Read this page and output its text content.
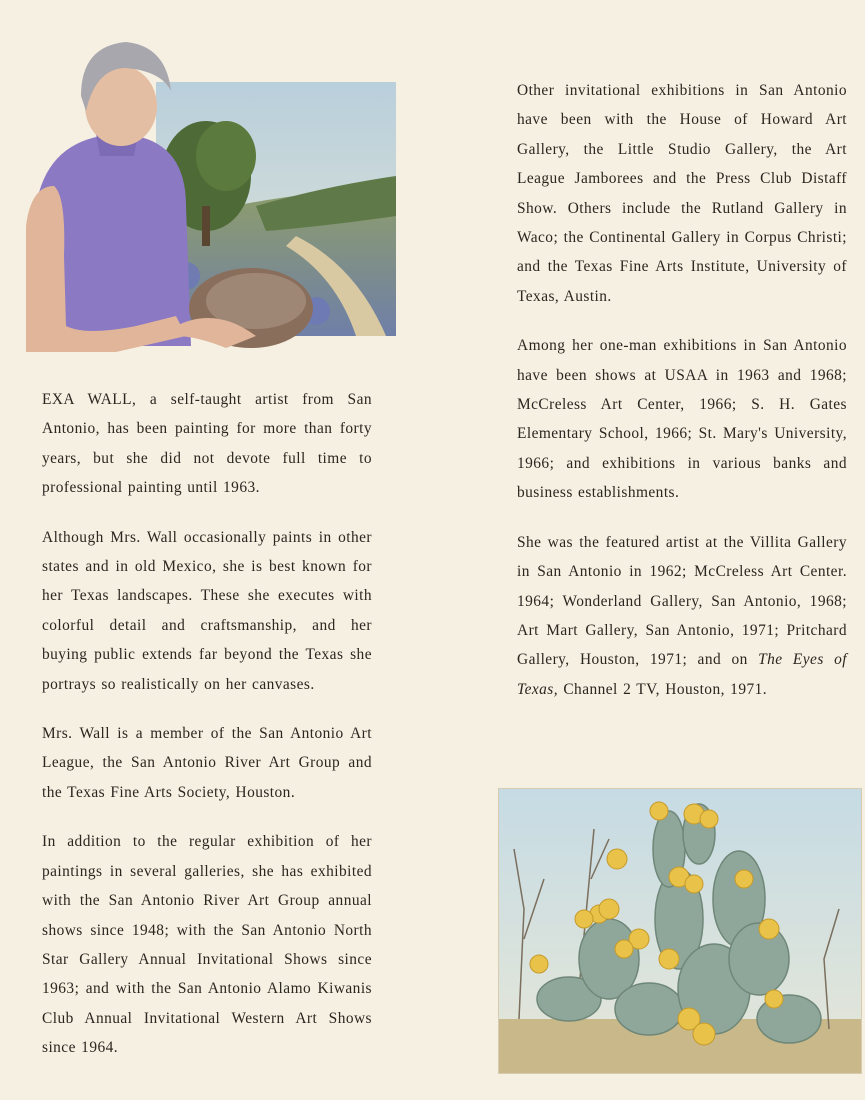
EXA WALL, a self-taught artist from San Antonio, has been painting for more than forty years, but she did not devote full time to professional painting until 1963.

Although Mrs. Wall occasionally paints in other states and in old Mexico, she is best known for her Texas landscapes. These she executes with colorful detail and craftsmanship, and her buying public extends far beyond the Texas she portrays so realistically on her canvases.

Mrs. Wall is a member of the San Antonio Art League, the San Antonio River Art Group and the Texas Fine Arts Society, Houston.

In addition to the regular exhibition of her paintings in several galleries, she has exhibited with the San Antonio River Art Group annual shows since 1948; with the San Antonio North Star Gallery Annual Invitational Shows since 1963; and with the San Antonio Alamo Kiwanis Club Annual Invitational Western Art Shows since 1964.

Other invitational exhibitions in San Antonio have been with the House of Howard Art Gallery, the Little Studio Gallery, the Art League Jamborees and the Press Club Distaff Show. Others include the Rutland Gallery in Waco; the Continental Gallery in Corpus Christi; and the Texas Fine Arts Institute, University of Texas, Austin.

Among her one-man exhibitions in San Antonio have been shows at USAA in 1963 and 1968; McCreless Art Center, 1966; S. H. Gates Elementary School, 1966; St. Mary's University, 1966; and exhibitions in various banks and business establishments.

She was the featured artist at the Villita Gallery in San Antonio in 1962; McCreless Art Center. 1964; Wonderland Gallery, San Antonio, 1968; Art Mart Gallery, San Antonio, 1971; Pritchard Gallery, Houston, 1971; and on The Eyes of Texas, Channel 2 TV, Houston, 1971.
